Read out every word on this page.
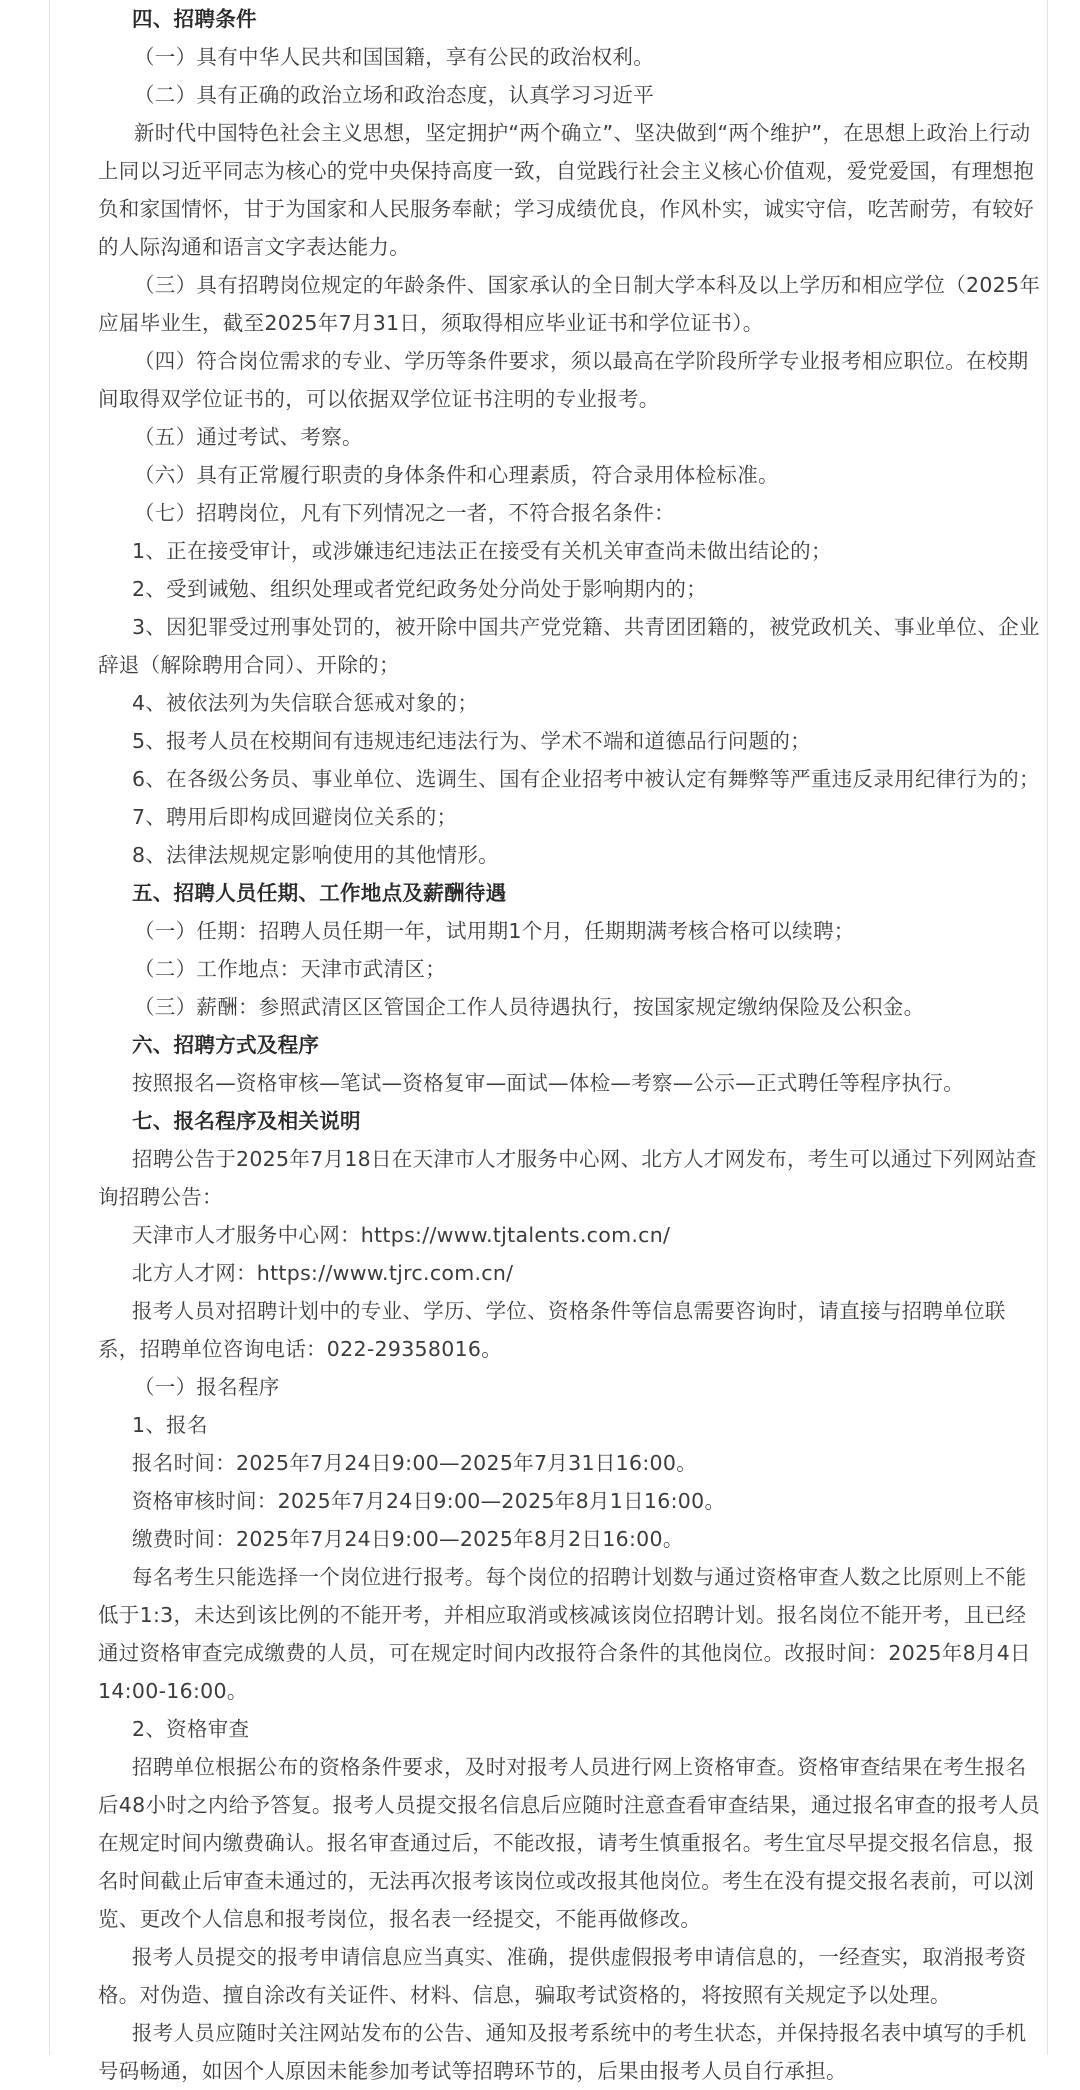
四、招聘条件

（一）具有中华人民共和国国籍，享有公民的政治权利。

（二）具有正确的政治立场和政治态度，认真学习习近平

新时代中国特色社会主义思想，坚定拥护“两个确立”、坚决做到“两个维护”，在思想上政治上行动上同以习近平同志为核心的党中央保持高度一致，自觉践行社会主义核心价值观，爱党爱国，有理想抱负和家国情怀，甘于为国家和人民服务奉献；学习成绩优良，作风朴实，诚实守信，吃苦耐劳，有较好的人际沟通和语言文字表达能力。

（三）具有招聘岗位规定的年龄条件、国家承认的全日制大学本科及以上学历和相应学位（2025年应届毕业生，截至2025年7月31日，须取得相应毕业证书和学位证书）。

（四）符合岗位需求的专业、学历等条件要求，须以最高在学阶段所学专业报考相应职位。在校期间取得双学位证书的，可以依据双学位证书注明的专业报考。

（五）通过考试、考察。

（六）具有正常履行职责的身体条件和心理素质，符合录用体检标准。

（七）招聘岗位，凡有下列情况之一者，不符合报名条件：

1、正在接受审计，或涉嫌违纪违法正在接受有关机关审查尚未做出结论的；

2、受到诫勉、组织处理或者党纪政务处分尚处于影响期内的；

3、因犯罪受过刑事处罚的，被开除中国共产党党籍、共青团团籍的，被党政机关、事业单位、企业辞退（解除聘用合同）、开除的；

4、被依法列为失信联合惩戒对象的；

5、报考人员在校期间有违规违纪违法行为、学术不端和道德品行问题的；

6、在各级公务员、事业单位、选调生、国有企业招考中被认定有舞弊等严重违反录用纪律行为的；

7、聘用后即构成回避岗位关系的；

8、法律法规规定影响使用的其他情形。

五、招聘人员任期、工作地点及薪酬待遇

（一）任期：招聘人员任期一年，试用期1个月，任期期满考核合格可以续聘；

（二）工作地点：天津市武清区；

（三）薪酬：参照武清区区管国企工作人员待遇执行，按国家规定缴纳保险及公积金。

六、招聘方式及程序

按照报名—资格审核—笔试—资格复审—面试—体检—考察—公示—正式聘任等程序执行。

七、报名程序及相关说明

招聘公告于2025年7月18日在天津市人才服务中心网、北方人才网发布，考生可以通过下列网站查询招聘公告：

天津市人才服务中心网：https://www.tjtalents.com.cn/

北方人才网：https://www.tjrc.com.cn/

报考人员对招聘计划中的专业、学历、学位、资格条件等信息需要咨询时，请直接与招聘单位联系，招聘单位咨询电话：022-29358016。

（一）报名程序

1、报名

报名时间：2025年7月24日9:00—2025年7月31日16:00。

资格审核时间：2025年7月24日9:00—2025年8月1日16:00。

缴费时间：2025年7月24日9:00—2025年8月2日16:00。

每名考生只能选择一个岗位进行报考。每个岗位的招聘计划数与通过资格审查人数之比原则上不能低于1:3，未达到该比例的不能开考，并相应取消或核减该岗位招聘计划。报名岗位不能开考，且已经通过资格审查完成缴费的人员，可在规定时间内改报符合条件的其他岗位。改报时间：2025年8月4日14:00-16:00。

2、资格审查

招聘单位根据公布的资格条件要求，及时对报考人员进行网上资格审查。资格审查结果在考生报名后48小时之内给予答复。报考人员提交报名信息后应随时注意查看审查结果，通过报名审查的报考人员在规定时间内缴费确认。报名审查通过后，不能改报，请考生慎重报名。考生宜尽早提交报名信息，报名时间截止后审查未通过的，无法再次报考该岗位或改报其他岗位。考生在没有提交报名表前，可以浏览、更改个人信息和报考岗位，报名表一经提交，不能再做修改。

报考人员提交的报考申请信息应当真实、准确，提供虚假报考申请信息的，一经查实，取消报考资格。对伪造、擅自涂改有关证件、材料、信息，骗取考试资格的，将按照有关规定予以处理。

报考人员应随时关注网站发布的公告、通知及报考系统中的考生状态，并保持报名表中填写的手机号码畅通，如因个人原因未能参加考试等招聘环节的，后果由报考人员自行承担。
